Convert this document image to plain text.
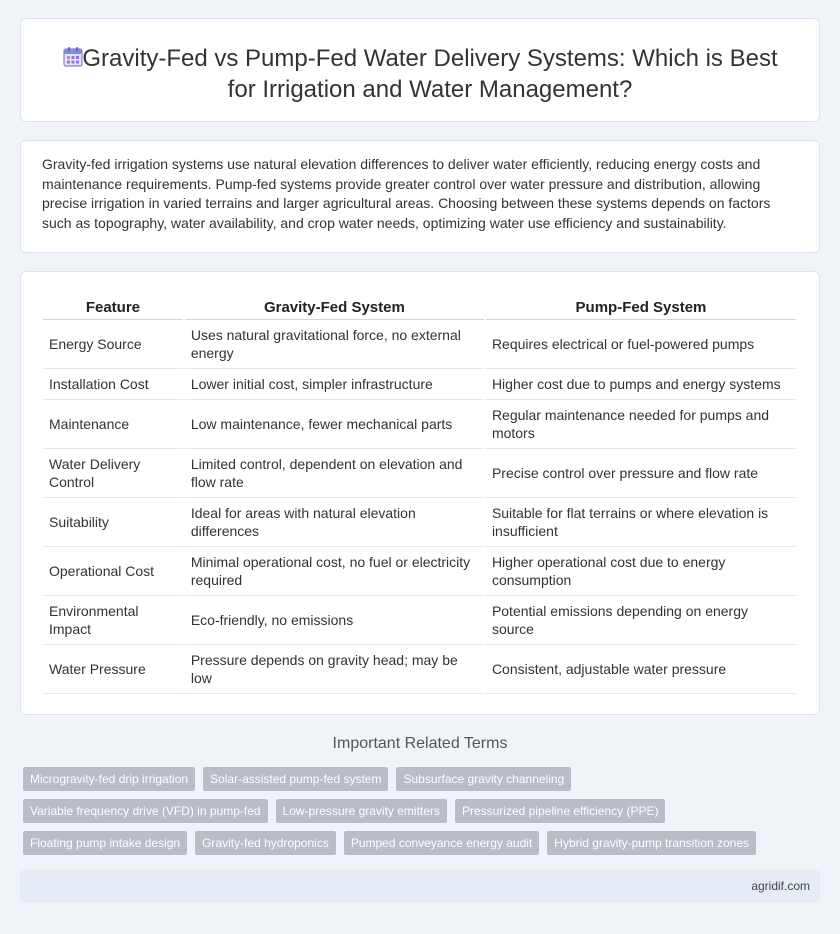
Gravity-Fed vs Pump-Fed Water Delivery Systems: Which is Best for Irrigation and Water Management?

Gravity-fed irrigation systems use natural elevation differences to deliver water efficiently, reducing energy costs and maintenance requirements. Pump-fed systems provide greater control over water pressure and distribution, allowing precise irrigation in varied terrains and larger agricultural areas. Choosing between these systems depends on factors such as topography, water availability, and crop water needs, optimizing water use efficiency and sustainability.

Feature	Gravity-Fed System	Pump-Fed System
Energy Source	Uses natural gravitational force, no external energy	Requires electrical or fuel-powered pumps
Installation Cost	Lower initial cost, simpler infrastructure	Higher cost due to pumps and energy systems
Maintenance	Low maintenance, fewer mechanical parts	Regular maintenance needed for pumps and motors
Water Delivery Control	Limited control, dependent on elevation and flow rate	Precise control over pressure and flow rate
Suitability	Ideal for areas with natural elevation differences	Suitable for flat terrains or where elevation is insufficient
Operational Cost	Minimal operational cost, no fuel or electricity required	Higher operational cost due to energy consumption
Environmental Impact	Eco-friendly, no emissions	Potential emissions depending on energy source
Water Pressure	Pressure depends on gravity head; may be low	Consistent, adjustable water pressure
Important Related Terms
Microgravity-fed drip irrigation	Solar-assisted pump-fed system	Subsurface gravity channeling
Variable frequency drive (VFD) in pump-fed	Low-pressure gravity emitters	Pressurized pipeline efficiency (PPE)
Floating pump intake design	Gravity-fed hydroponics	Pumped conveyance energy audit	Hybrid gravity-pump transition zones
agridif.com
